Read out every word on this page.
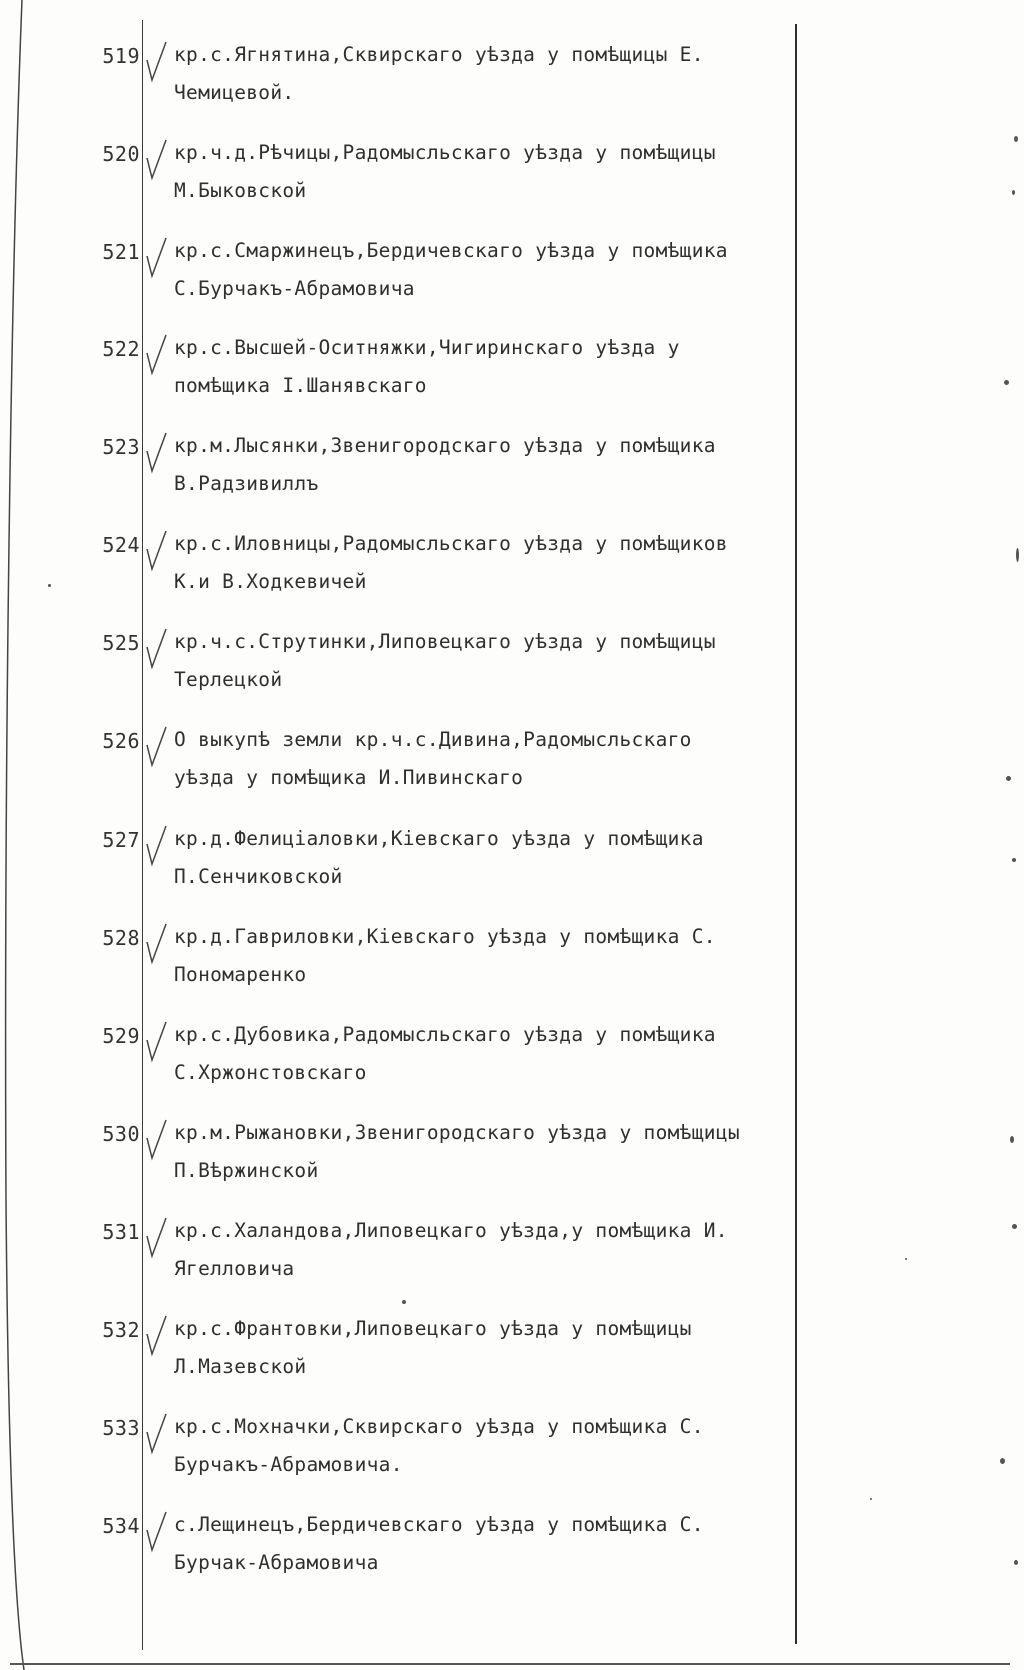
519 кр.с.Ягнятина,Сквирскаго уѣзда у помѣщицы Е.
Чемицевой.
520 кр.ч.д.Рѣчицы,Радомысльскаго уѣзда у помѣщицы
М.Быковской
521 кр.с.Смаржинецъ,Бердичевскаго уѣзда у помѣщика
С.Бурчакъ-Абрамовича
522 кр.с.Высшей-Оситняжки,Чигиринскаго уѣзда у
помѣщика I.Шанявскаго
523 кр.м.Лысянки,Звенигородскаго уѣзда у помѣщика
В.Радзивиллъ
524 кр.с.Иловницы,Радомысльскаго уѣзда у помѣщиков
К.и В.Ходкевичей
525 кр.ч.с.Струтинки,Липовецкаго уѣзда у помѣщицы
Терлецкой
526 О выкупѣ земли кр.ч.с.Дивина,Радомысльскаго
уѣзда у помѣщика И.Пивинскаго
527 кр.д.Фелицiаловки,Кiевскаго уѣзда у помѣщика
П.Сенчиковской
528 кр.д.Гавриловки,Кiевскаго уѣзда у помѣщика С.
Пономаренко
529 кр.с.Дубовика,Радомысльскаго уѣзда у помѣщика
С.Хржонстовскаго
530 кр.м.Рыжановки,Звенигородскаго уѣзда у помѣщицы
П.Вѣржинской
531 кр.с.Халандова,Липовецкаго уѣзда,у помѣщика И.
Ягелловича
532 кр.с.Франтовки,Липовецкаго уѣзда у помѣщицы
Л.Мазевской
533 кр.с.Мохначки,Сквирскаго уѣзда у помѣщика С.
Бурчакъ-Абрамовича.
534 с.Лещинецъ,Бердичевскаго уѣзда у помѣщика С.
Бурчак-Абрамовича
